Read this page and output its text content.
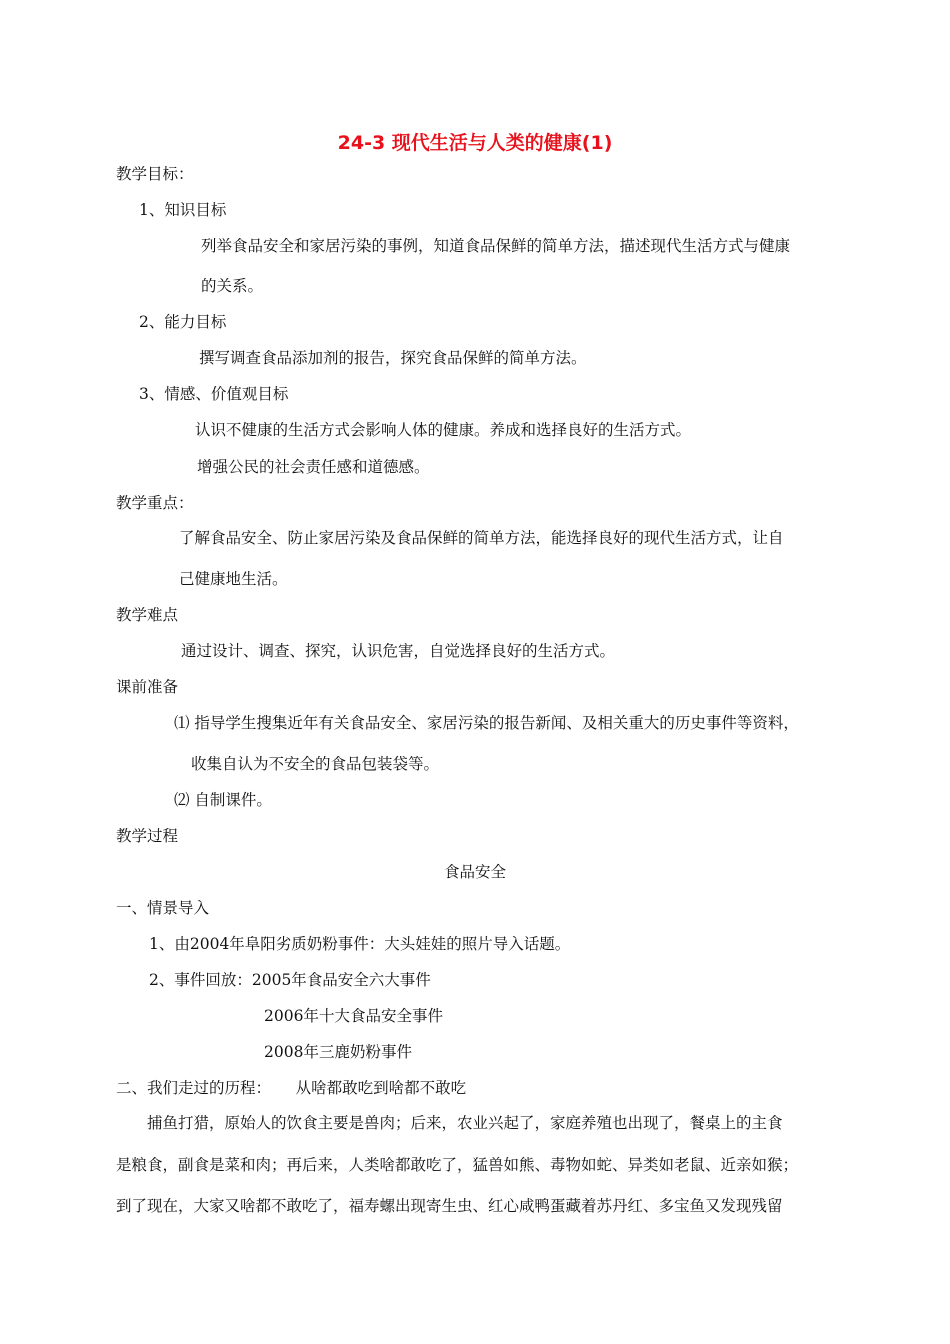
24-3 现代生活与人类的健康(1)
教学目标：
1、知识目标
列举食品安全和家居污染的事例，知道食品保鲜的简单方法，描述现代生活方式与健康
的关系。
2、能力目标
撰写调查食品添加剂的报告，探究食品保鲜的简单方法。
3、情感、价值观目标
认识不健康的生活方式会影响人体的健康。养成和选择良好的生活方式。
增强公民的社会责任感和道德感。
教学重点：
了解食品安全、防止家居污染及食品保鲜的简单方法，能选择良好的现代生活方式，让自
己健康地生活。
教学难点
通过设计、调查、探究，认识危害，自觉选择良好的生活方式。
课前准备
⑴ 指导学生搜集近年有关食品安全、家居污染的报告新闻、及相关重大的历史事件等资料，
收集自认为不安全的食品包装袋等。
⑵ 自制课件。
教学过程
食品安全
一、情景导入
1、由2004年阜阳劣质奶粉事件：大头娃娃的照片导入话题。
2、事件回放：2005年食品安全六大事件
2006年十大食品安全事件
2008年三鹿奶粉事件
二、我们走过的历程：     从啥都敢吃到啥都不敢吃
捕鱼打猎，原始人的饮食主要是兽肉；后来，农业兴起了，家庭养殖也出现了，餐桌上的主食
是粮食，副食是菜和肉；再后来，人类啥都敢吃了，猛兽如熊、毒物如蛇、异类如老鼠、近亲如猴；
到了现在，大家又啥都不敢吃了，福寿螺出现寄生虫、红心咸鸭蛋藏着苏丹红、多宝鱼又发现残留
